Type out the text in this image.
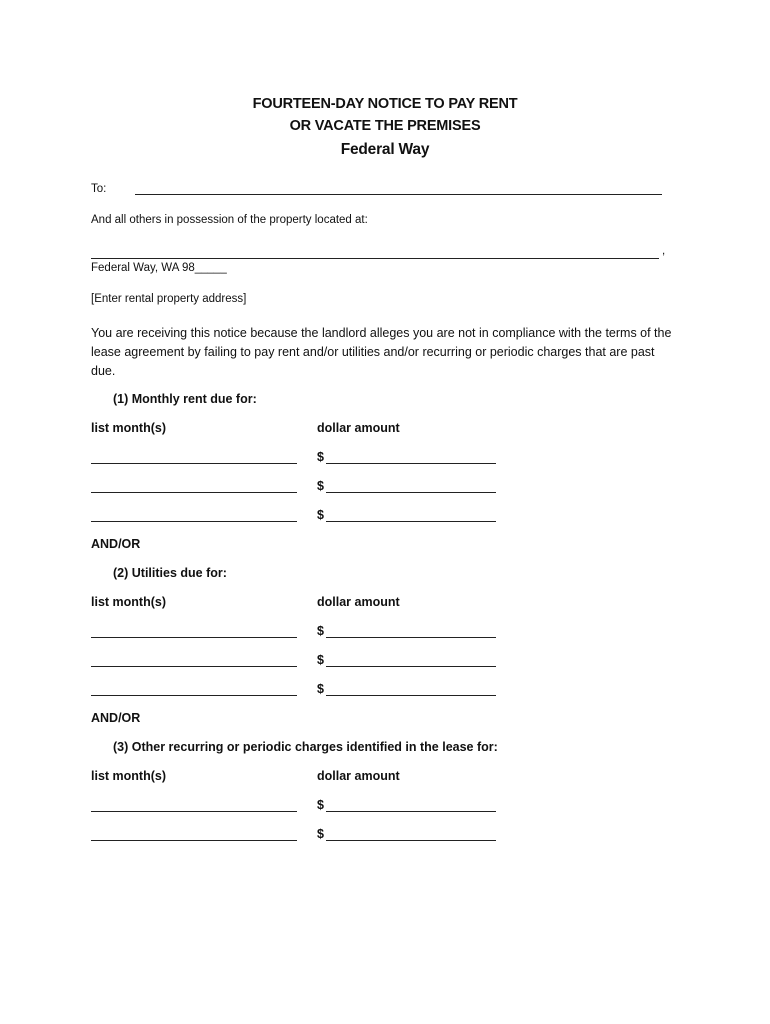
FOURTEEN-DAY NOTICE TO PAY RENT
OR VACATE THE PREMISES
Federal Way
To:
And all others in possession of the property located at:
,
Federal Way, WA 98_____
[Enter rental property address]
You are receiving this notice because the landlord alleges you are not in compliance with the terms of the lease agreement by failing to pay rent and/or utilities and/or recurring or periodic charges that are past due.
(1) Monthly rent due for:
list month(s)	dollar amount
$
$
$
AND/OR
(2) Utilities due for:
list month(s)	dollar amount
$
$
$
AND/OR
(3) Other recurring or periodic charges identified in the lease for:
list month(s)	dollar amount
$
$
